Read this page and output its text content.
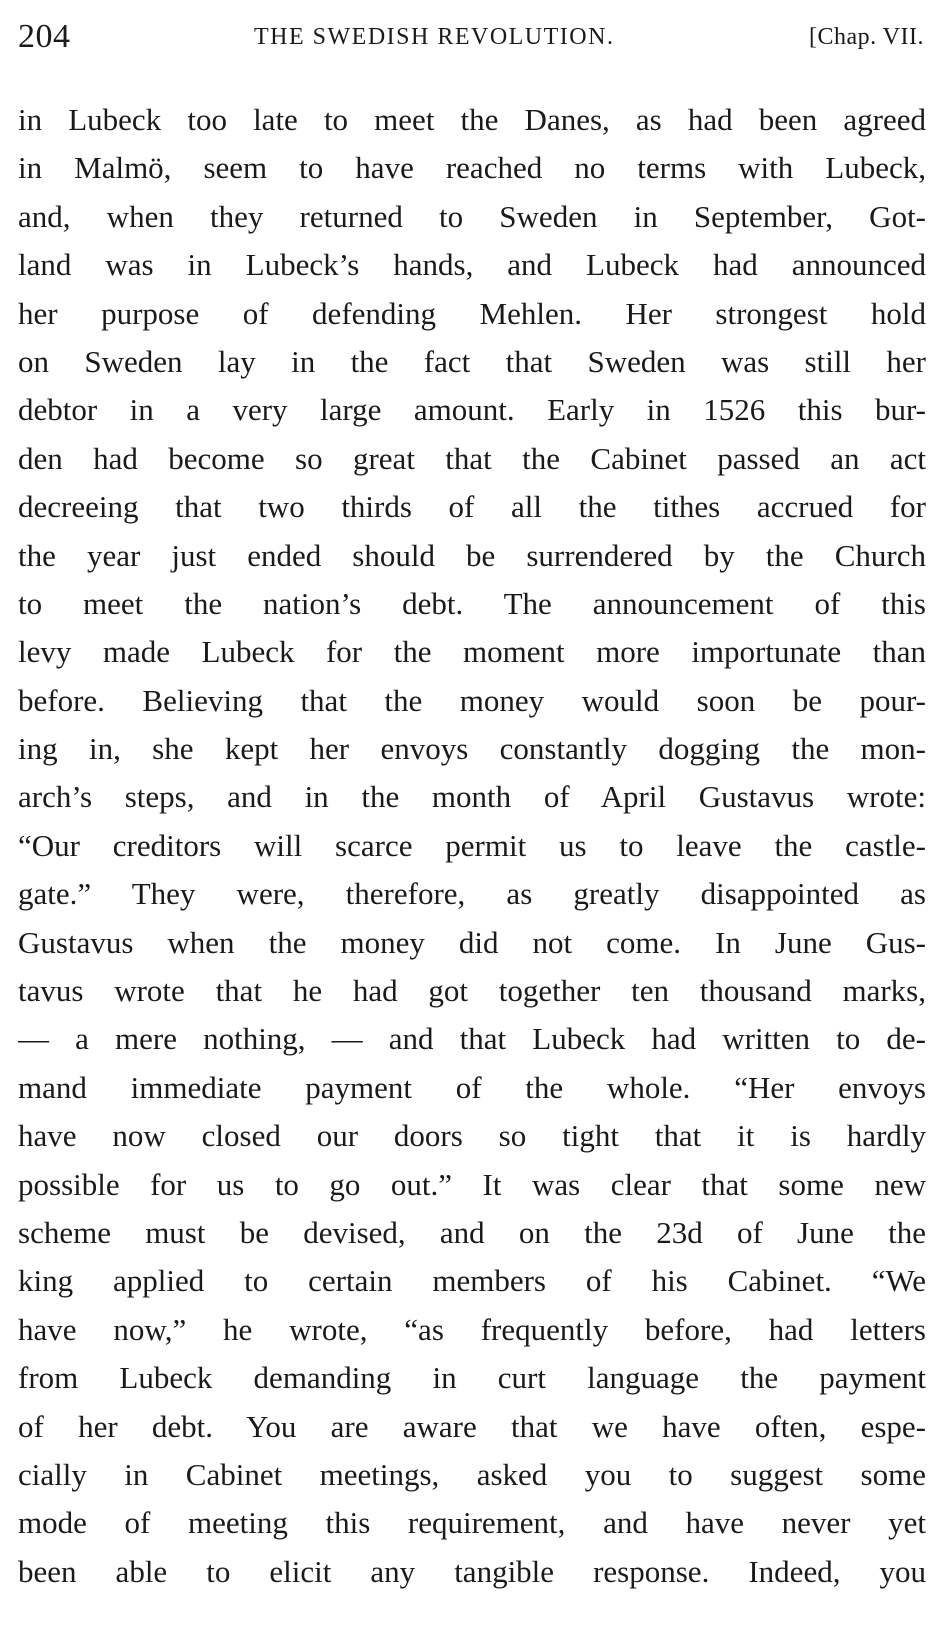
204	THE SWEDISH REVOLUTION.	[Chap. VII.
in Lubeck too late to meet the Danes, as had been agreed
in Malmö, seem to have reached no terms with Lubeck,
and, when they returned to Sweden in September, Got-
land was in Lubeck’s hands, and Lubeck had announced
her purpose of defending Mehlen. Her strongest hold
on Sweden lay in the fact that Sweden was still her
debtor in a very large amount. Early in 1526 this bur-
den had become so great that the Cabinet passed an act
decreeing that two thirds of all the tithes accrued for
the year just ended should be surrendered by the Church
to meet the nation’s debt. The announcement of this
levy made Lubeck for the moment more importunate than
before. Believing that the money would soon be pour-
ing in, she kept her envoys constantly dogging the mon-
arch’s steps, and in the month of April Gustavus wrote:
“Our creditors will scarce permit us to leave the castle-
gate.” They were, therefore, as greatly disappointed as
Gustavus when the money did not come. In June Gus-
tavus wrote that he had got together ten thousand marks,
— a mere nothing, — and that Lubeck had written to de-
mand immediate payment of the whole. “Her envoys
have now closed our doors so tight that it is hardly
possible for us to go out.” It was clear that some new
scheme must be devised, and on the 23d of June the
king applied to certain members of his Cabinet. “We
have now,” he wrote, “as frequently before, had letters
from Lubeck demanding in curt language the payment
of her debt. You are aware that we have often, espe-
cially in Cabinet meetings, asked you to suggest some
mode of meeting this requirement, and have never yet
been able to elicit any tangible response. Indeed, you
